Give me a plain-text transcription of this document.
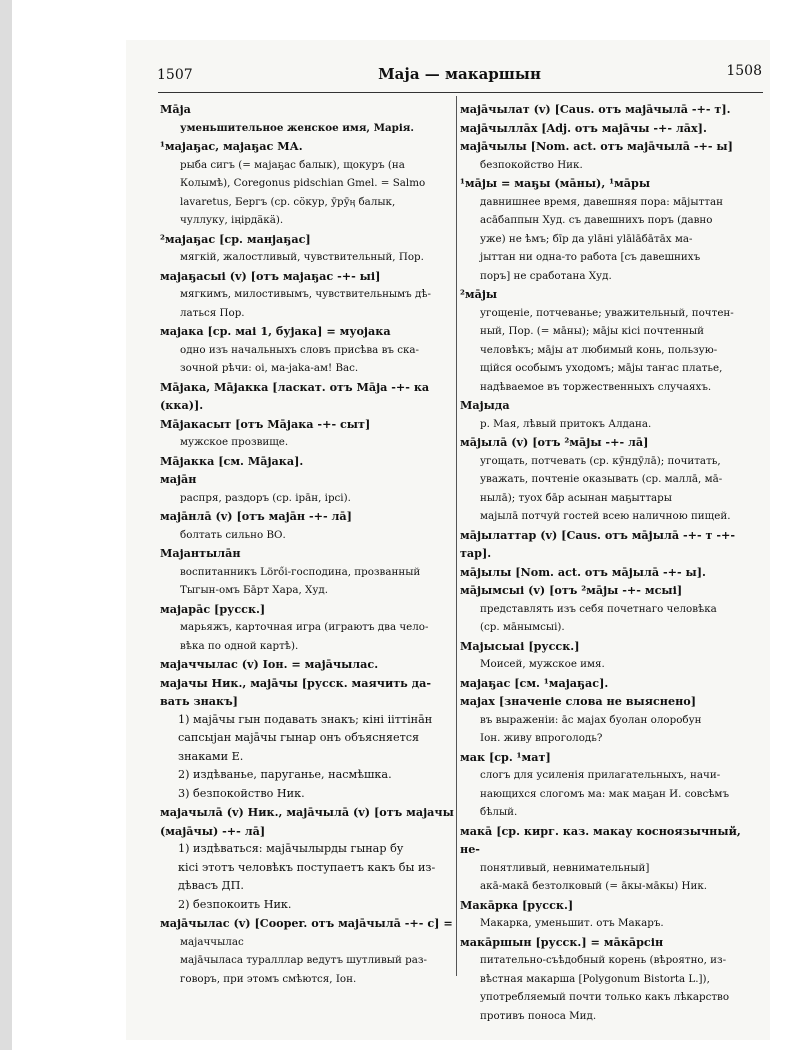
1507	Маја — макаршын	1508
Мāја
уменьшительное женское имя, Марія.
¹мајаҕас, мајаҕас МА.
рыба сигъ (= мајаҕас балык), щокуръ (на
Колымѣ), Coregonus pidschian Gmel. = Salmo
lavaretus, Бергъ (ср. сӧкур, ӯрӯӊ балык,
чуллуку, іңірдӓкӓ).
²мајаҕас [ср. манјаҕас]
мягкій, жалостливый, чувствительный, Пор.
мајаҕасыі (v) [отъ мајаҕас -+- ыі]
мягкимъ, милостивымъ, чувствительнымъ дѣ-
латься Пор.
мајака [ср. маі 1, бујака] = муојака
одно изъ начальныхъ словъ присѣва въ ска-
зочной рѣчи: оі, ма-jaka-ам! Вас.
Мāјака, Мāјакка [ласкат. отъ Мāја -+- ка
(кка)].
Мāјакасыт [отъ Мāјака -+- сыт]
мужское прозвище.
Мāјакка [см. Мāјака].
мајāн
распря, раздоръ (ср. ірāн, ірсі).
мајāнлā (v) [отъ мајāн -+- лā]
болтать сильно ВО.
Мајантылāн
воспитанникъ Lörői-господина, прозванный
Тыгын-омъ Бāрт Хара, Худ.
мајарāс [русск.]
марьяжъ, карточная игра (играютъ два чело-
вѣка по одной картѣ).
мајаччылас (v) Іон. = мајāчылас.
мајачы Ник., мајāчы [русск. маячить да-
вать знакъ]
1) мајāчы гын подавать знакъ; кіні ііттінāн
сапсыјан мајāчы гынар онъ объясняется
знаками Е.
2) издѣванье, паруганье, насмѣшка.
3) безпокойство Ник.
мајачылā (v) Ник., мајāчылā (v) [отъ мајачы
(мајāчы) -+- лā]
1) издѣваться: мајāчылырды гынар бу
кісі этотъ человѣкъ поступаетъ какъ бы из-
дѣвасъ ДП.
2) безпокоить Ник.
мајāчылас (v) [Cooper. отъ мајāчылā -+- с] =
мајаччылас
мајāчыласа туралллар ведутъ шутливый раз-
говоръ, при этомъ смѣются, Іон.
мајāчылат (v) [Caus. отъ мајāчылā -+- т].
мајāчыллāх [Adj. отъ мајāчы -+- лāх].
мајāчылы [Nom. act. отъ мајāчылā -+- ы]
безпокойство Ник.
¹мāјы = маҕы (мāны), ¹мāры
давнишнее время, давешняя пора: мāјыттан
асāбаппын Худ. съ давешнихъ поръ (давно
уже) не ѣмъ; бīр да уlāні уlālāбāтāх ма-
јыттан ни одна-то работа [съ давешнихъ
поръ] не сработана Худ.
²мāјы
угощеніе, потчеванье; уважительный, почтен-
ный, Пор. (= мāны); мāјы кісі почтенный
человѣкъ; мāјы ат любимый конь, пользую-
щійся особымъ уходомъ; мāјы таҥас платье,
надѣваемое въ торжественныхъ случаяхъ.
Мајыда
р. Мая, лѣвый притокъ Алдана.
мāјылā (v) [отъ ²мāјы -+- лā]
угощать, потчевать (ср. кӯндӯлā); почитать,
уважать, почтеніе оказывать (ср. маллā, мā-
нылā); туох бāр асынан маҕыттары
мајылā потчуй гостей всею наличною пищей.
мāјылаттар (v) [Caus. отъ мāјылā -+- т -+- тар].
мāјылы [Nom. act. отъ мāјылā -+- ы].
мāјымсыі (v) [отъ ²мāјы -+- мсыі]
представлять изъ себя почетнаго человѣка
(ср. мāнымсыі).
Мајысыаі [русск.]
Моисей, мужское имя.
мајаҕас [см. ¹мајаҕас].
мајах [значеніе слова не выяснено]
въ выраженіи: āс мајах буолан олоробун
Іон. живу впроголодь?
мак [ср. ¹мат]
слогъ для усиленія прилагательныхъ, начи-
нающихся слогомъ ма: мак маҕан И. совсѣмъ
бѣлый.
макā [ср. кирг. каз. макау косноязычный, не-
понятливый, невнимательный]
акā-макā безтолковый (= āкы-мāкы) Ник.
Макāрка [русск.]
Макарка, уменьшит. отъ Макаръ.
макāршын [русск.] = мāкāрсін
питательно-съѣдобный корень (вѣроятно, из-
вѣстная макарша [Polygonum Bistorta L.]),
употребляемый почти только какъ лѣкарство
противъ поноса Мид.
